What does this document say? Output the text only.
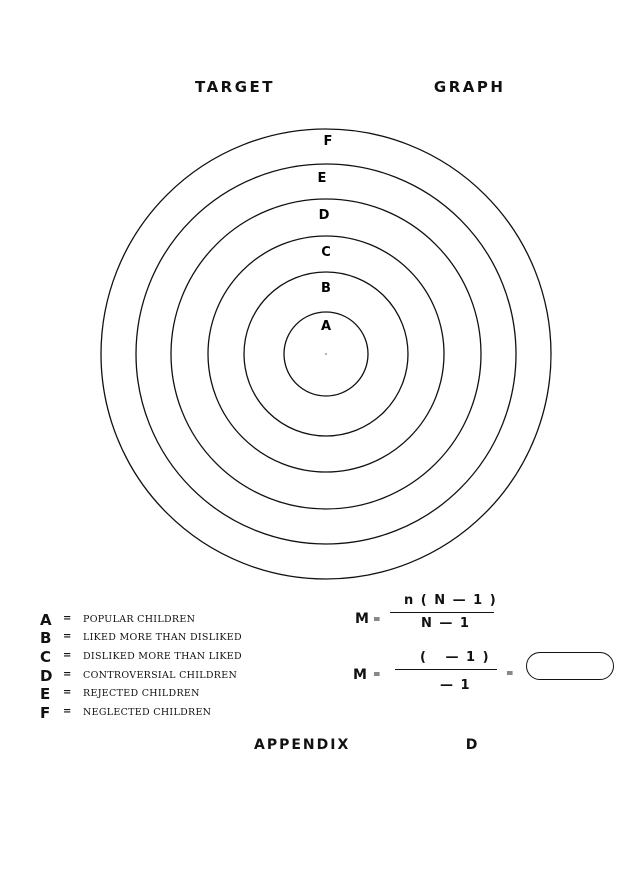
TARGET    GRAPH
A
B
C
D
E
F
A = POPULAR CHILDREN
B = LIKED MORE THAN DISLIKED
C = DISLIKED MORE THAN LIKED
D = CONTROVERSIAL CHILDREN
E	= REJECTED CHILDREN
F	= NEGLECTED CHILDREN
M =
n ( N — 1 )
N — 1
M =
(   — 1 )
— 1
=
APPENDIX    D
